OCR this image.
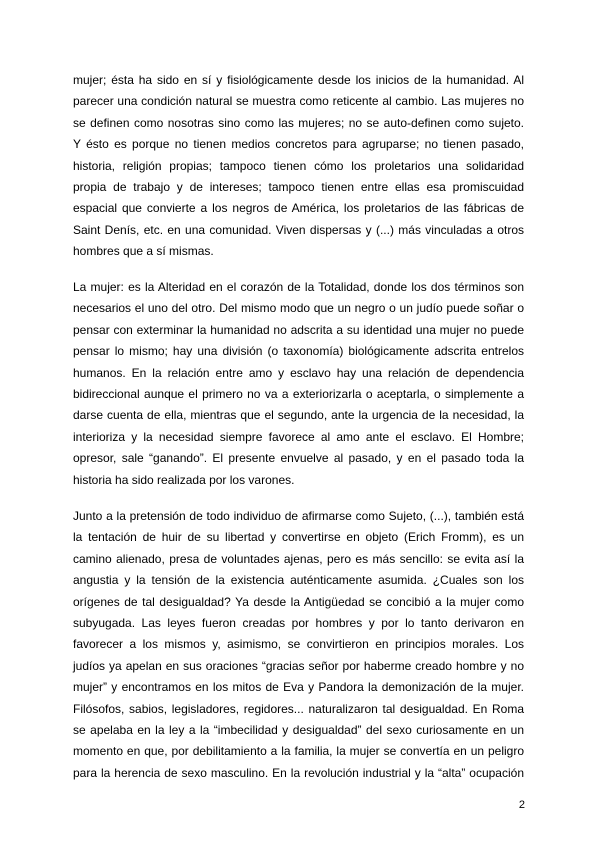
mujer; ésta ha sido en sí y fisiológicamente desde los inicios de la humanidad. Al
parecer una condición natural se muestra como reticente al cambio. Las mujeres no
se definen como nosotras sino como las mujeres; no se auto-definen como sujeto.
Y ésto es porque no tienen medios concretos para agruparse; no tienen pasado,
historia, religión propias; tampoco tienen cómo los proletarios una solidaridad
propia de trabajo y de intereses; tampoco tienen entre ellas esa promiscuidad
espacial que convierte a los negros de América, los proletarios de las fábricas de
Saint Denís, etc. en una comunidad. Viven dispersas y (...) más vinculadas a otros
hombres que a sí mismas.
La mujer: es la Alteridad en el corazón de la Totalidad, donde los dos términos son
necesarios el uno del otro. Del mismo modo que un negro o un judío puede soñar o
pensar con exterminar la humanidad no adscrita a su identidad una mujer no puede
pensar lo mismo; hay una división (o taxonomía) biológicamente adscrita entrelos
humanos. En la relación entre amo y esclavo hay una relación de dependencia
bidireccional aunque el primero no va a exteriorizarla o aceptarla, o simplemente a
darse cuenta de ella, mientras que el segundo, ante la urgencia de la necesidad, la
interioriza y la necesidad siempre favorece al amo ante el esclavo. El Hombre;
opresor, sale “ganando”. El presente envuelve al pasado, y en el pasado toda la
historia ha sido realizada por los varones.
Junto a la pretensión de todo individuo de afirmarse como Sujeto, (...), también está
la tentación de huir de su libertad y convertirse en objeto (Erich Fromm), es un
camino alienado, presa de voluntades ajenas, pero es más sencillo: se evita así la
angustia y la tensión de la existencia auténticamente asumida. ¿Cuales son los
orígenes de tal desigualdad? Ya desde la Antigüedad se concibió a la mujer como
subyugada. Las leyes fueron creadas por hombres y por lo tanto derivaron en
favorecer a los mismos y, asimismo, se convirtieron en principios morales. Los
judíos ya apelan en sus oraciones “gracias señor por haberme creado hombre y no
mujer” y encontramos en los mitos de Eva y Pandora la demonización de la mujer.
Filósofos, sabios, legisladores, regidores... naturalizaron tal desigualdad. En Roma
se apelaba en la ley a la “imbecilidad y desigualdad” del sexo curiosamente en un
momento en que, por debilitamiento a la familia, la mujer se convertía en un peligro
para la herencia de sexo masculino. En la revolución industrial y la “alta” ocupación
2
